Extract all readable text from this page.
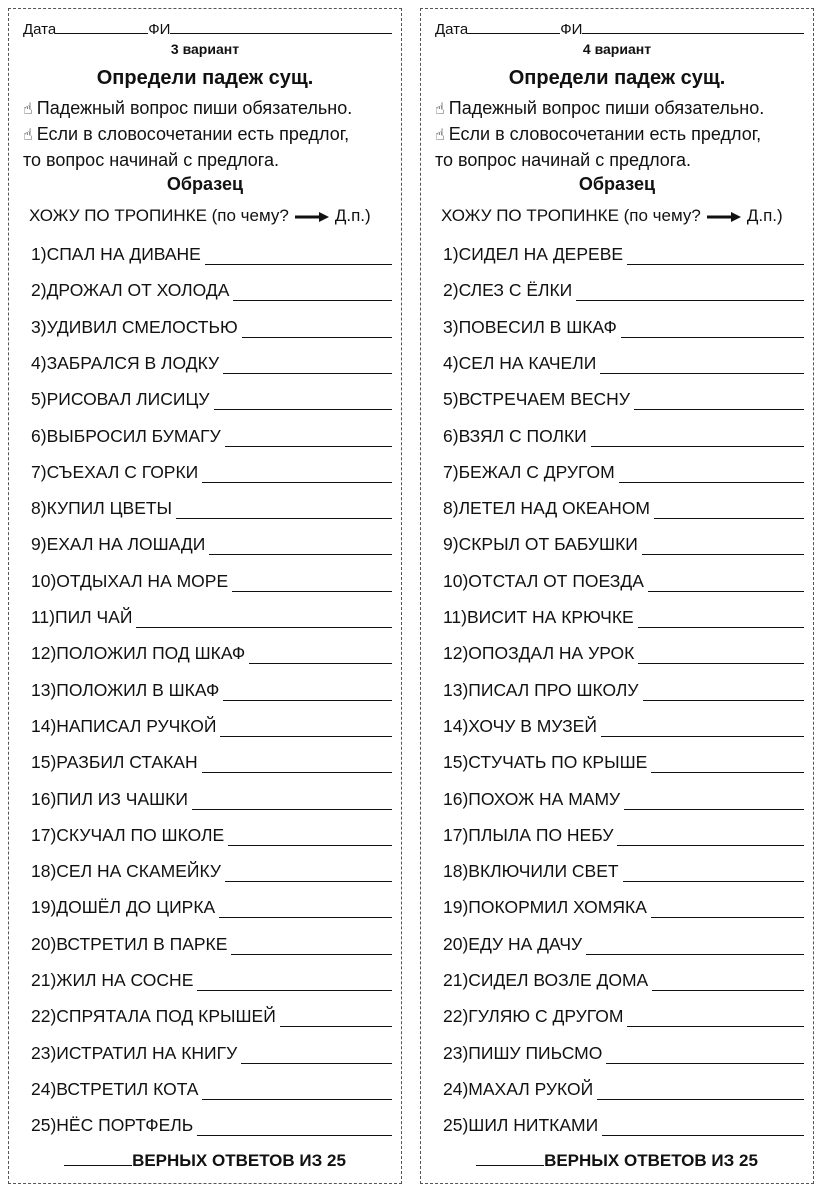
Дата	ФИ
3 вариант
Определи падеж сущ.
☝ Падежный вопрос пиши обязательно.
☝ Если в словосочетании есть предлог,
то вопрос начинай с предлога.
Образец
ХОЖУ ПО ТРОПИНКЕ (по чему?	Д.п.)
1) СПАЛ НА ДИВАНЕ
2) ДРОЖАЛ ОТ ХОЛОДА
3) УДИВИЛ СМЕЛОСТЬЮ
4) ЗАБРАЛСЯ В ЛОДКУ
5) РИСОВАЛ ЛИСИЦУ
6) ВЫБРОСИЛ БУМАГУ
7) СЪЕХАЛ С ГОРКИ
8) КУПИЛ ЦВЕТЫ
9) ЕХАЛ НА ЛОШАДИ
10) ОТДЫХАЛ НА МОРЕ
11) ПИЛ ЧАЙ
12) ПОЛОЖИЛ ПОД ШКАФ
13) ПОЛОЖИЛ В ШКАФ
14) НАПИСАЛ РУЧКОЙ
15) РАЗБИЛ СТАКАН
16) ПИЛ ИЗ ЧАШКИ
17) СКУЧАЛ ПО ШКОЛЕ
18) СЕЛ НА СКАМЕЙКУ
19) ДОШЁЛ ДО ЦИРКА
20) ВСТРЕТИЛ В ПАРКЕ
21) ЖИЛ НА СОСНЕ
22) СПРЯТАЛА ПОД КРЫШЕЙ
23) ИСТРАТИЛ НА КНИГУ
24) ВСТРЕТИЛ КОТА
25) НЁС ПОРТФЕЛЬ
ВЕРНЫХ ОТВЕТОВ ИЗ 25
Дата	ФИ
4 вариант
Определи падеж сущ.
☝ Падежный вопрос пиши обязательно.
☝ Если в словосочетании есть предлог,
то вопрос начинай с предлога.
Образец
ХОЖУ ПО ТРОПИНКЕ (по чему?	Д.п.)
1) СИДЕЛ НА ДЕРЕВЕ
2) СЛЕЗ С ЁЛКИ
3) ПОВЕСИЛ В ШКАФ
4) СЕЛ НА КАЧЕЛИ
5) ВСТРЕЧАЕМ ВЕСНУ
6) ВЗЯЛ С ПОЛКИ
7) БЕЖАЛ С ДРУГОМ
8) ЛЕТЕЛ НАД ОКЕАНОМ
9) СКРЫЛ ОТ БАБУШКИ
10) ОТСТАЛ ОТ ПОЕЗДА
11) ВИСИТ НА КРЮЧКЕ
12) ОПОЗДАЛ НА УРОК
13) ПИСАЛ ПРО ШКОЛУ
14) ХОЧУ В МУЗЕЙ
15) СТУЧАТЬ ПО КРЫШЕ
16) ПОХОЖ НА МАМУ
17) ПЛЫЛА ПО НЕБУ
18) ВКЛЮЧИЛИ СВЕТ
19) ПОКОРМИЛ ХОМЯКА
20) ЕДУ НА ДАЧУ
21) СИДЕЛ ВОЗЛЕ ДОМА
22) ГУЛЯЮ С ДРУГОМ
23) ПИШУ ПИЬСМО
24) МАХАЛ РУКОЙ
25) ШИЛ НИТКАМИ
ВЕРНЫХ ОТВЕТОВ ИЗ 25
